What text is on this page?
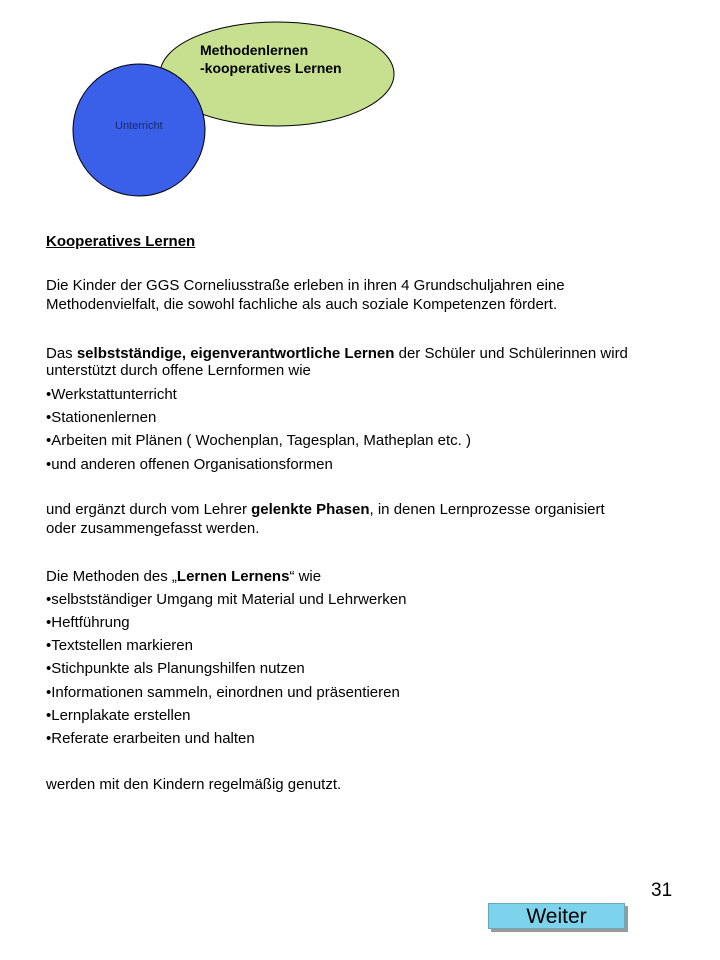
Methodenlernen
-kooperatives Lernen
Unterricht
Kooperatives Lernen
Die Kinder der GGS Corneliusstraße erleben in ihren 4 Grundschuljahren eine
Methodenvielfalt, die sowohl fachliche als auch soziale Kompetenzen fördert.
Das selbstständige, eigenverantwortliche Lernen der Schüler und Schülerinnen wird
unterstützt durch offene Lernformen wie
•Werkstattunterricht
•Stationenlernen
•Arbeiten mit Plänen ( Wochenplan, Tagesplan, Matheplan etc. )
•und anderen offenen Organisationsformen
und ergänzt durch vom Lehrer gelenkte Phasen, in denen Lernprozesse organisiert
oder zusammengefasst werden.
Die Methoden des „Lernen Lernens“ wie
•selbstständiger Umgang mit Material und Lehrwerken
•Heftführung
•Textstellen markieren
•Stichpunkte als Planungshilfen nutzen
•Informationen sammeln, einordnen und präsentieren
•Lernplakate erstellen
•Referate erarbeiten und halten
werden mit den Kindern regelmäßig genutzt.
31
Weiter
